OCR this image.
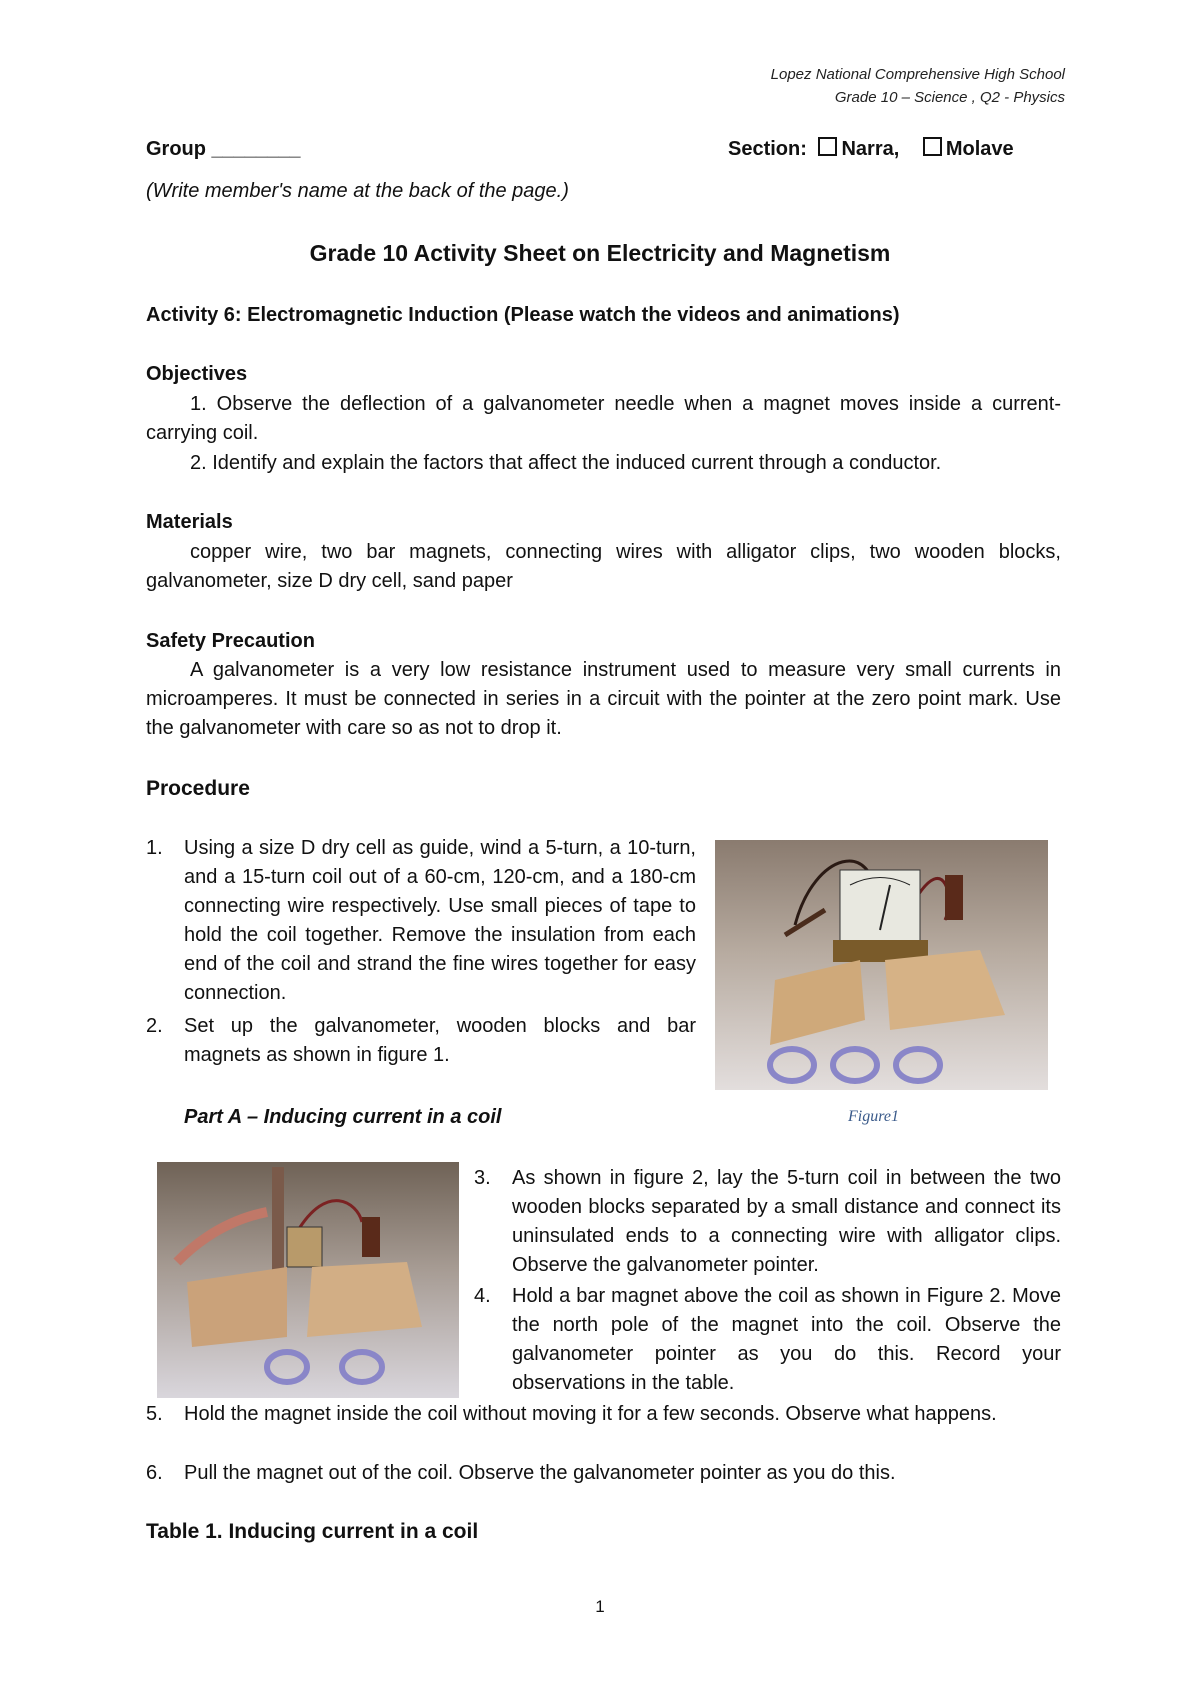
Lopez National Comprehensive High School
Grade 10 – Science , Q2 - Physics
Group ________
(Write member's name at the back of the page.)
Section: Narra, Molave
Grade 10 Activity Sheet on Electricity and Magnetism
Activity 6: Electromagnetic Induction (Please watch the videos and animations)
Objectives
1. Observe the deflection of a galvanometer needle when a magnet moves inside a current-carrying coil.
2. Identify and explain the factors that affect the induced current through a conductor.
Materials
copper wire, two bar magnets, connecting wires with alligator clips, two wooden blocks, galvanometer, size D dry cell, sand paper
Safety Precaution
A galvanometer is a very low resistance instrument used to measure very small currents in microamperes. It must be connected in series in a circuit with the pointer at the zero point mark. Use the galvanometer with care so as not to drop it.
Procedure
1. Using a size D dry cell as guide, wind a 5-turn, a 10-turn, and a 15-turn coil out of a 60-cm, 120-cm, and a 180-cm connecting wire respectively. Use small pieces of tape to hold the coil together. Remove the insulation from each end of the coil and strand the fine wires together for easy connection.
2. Set up the galvanometer, wooden blocks and bar magnets as shown in figure 1.
Part A – Inducing current in a coil	Figure1
3. As shown in figure 2, lay the 5-turn coil in between the two wooden blocks separated by a small distance and connect its uninsulated ends to a connecting wire with alligator clips. Observe the galvanometer pointer.
4. Hold a bar magnet above the coil as shown in Figure 2. Move the north pole of the magnet into the coil. Observe the galvanometer pointer as you do this. Record your observations in the table.
5. Hold the magnet inside the coil without moving it for a few seconds. Observe what happens.
6. Pull the magnet out of the coil. Observe the galvanometer pointer as you do this.
Table 1. Inducing current in a coil
1
